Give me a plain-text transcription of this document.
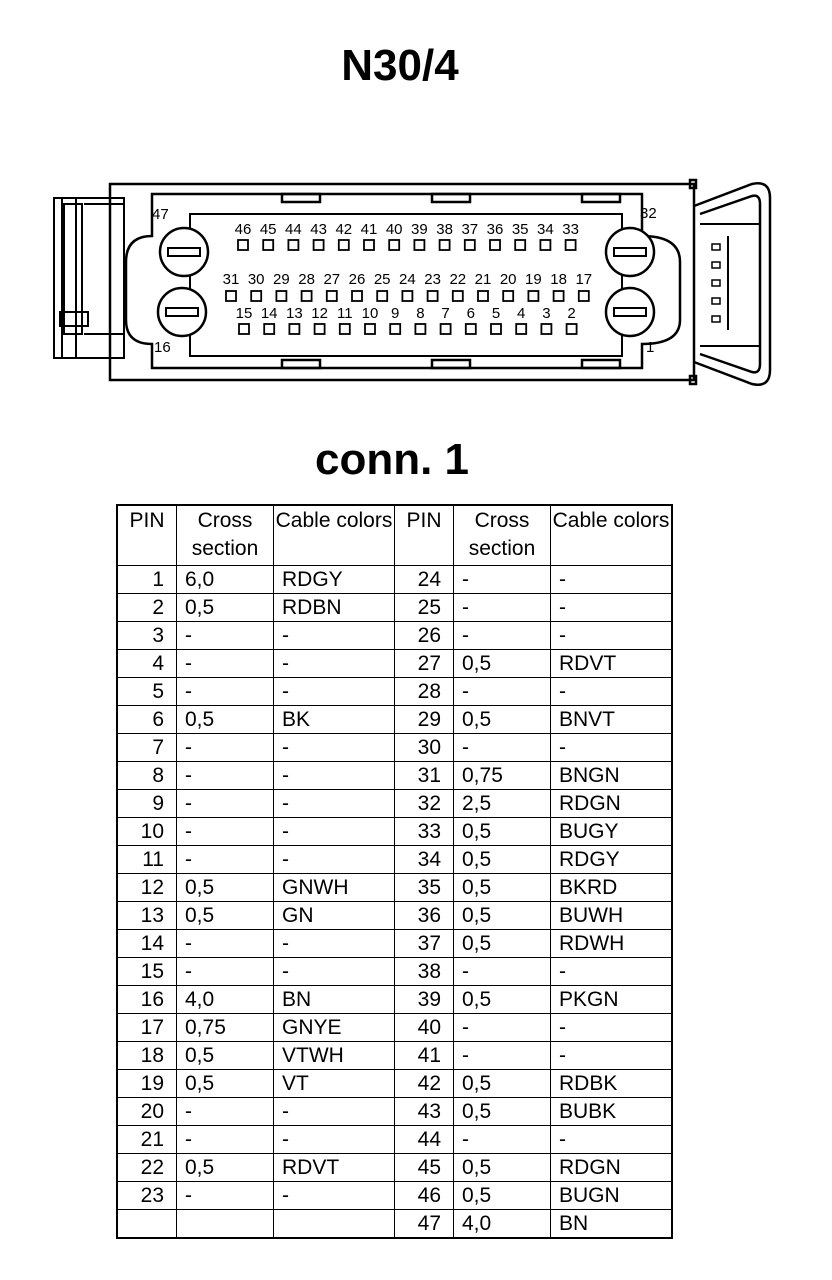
N30/4
46 45 44 43 42 41 40 39 38 37 36 35 34 33
31 30 29 28 27 26 25 24 23 22 21 20 19 18 17
15 14 13 12 11 10 9 8 7 6 5 4 3 2
47	32
16	1
conn. 1
PIN	Cross section	Cable colors	PIN	Cross section	Cable colors
1	6,0	RDGY	24	-	-
2	0,5	RDBN	25	-	-
3	-	-	26	-	-
4	-	-	27	0,5	RDVT
5	-	-	28	-	-
6	0,5	BK	29	0,5	BNVT
7	-	-	30	-	-
8	-	-	31	0,75	BNGN
9	-	-	32	2,5	RDGN
10	-	-	33	0,5	BUGY
11	-	-	34	0,5	RDGY
12	0,5	GNWH	35	0,5	BKRD
13	0,5	GN	36	0,5	BUWH
14	-	-	37	0,5	RDWH
15	-	-	38	-	-
16	4,0	BN	39	0,5	PKGN
17	0,75	GNYE	40	-	-
18	0,5	VTWH	41	-	-
19	0,5	VT	42	0,5	RDBK
20	-	-	43	0,5	BUBK
21	-	-	44	-	-
22	0,5	RDVT	45	0,5	RDGN
23	-	-	46	0,5	BUGN
			47	4,0	BN
